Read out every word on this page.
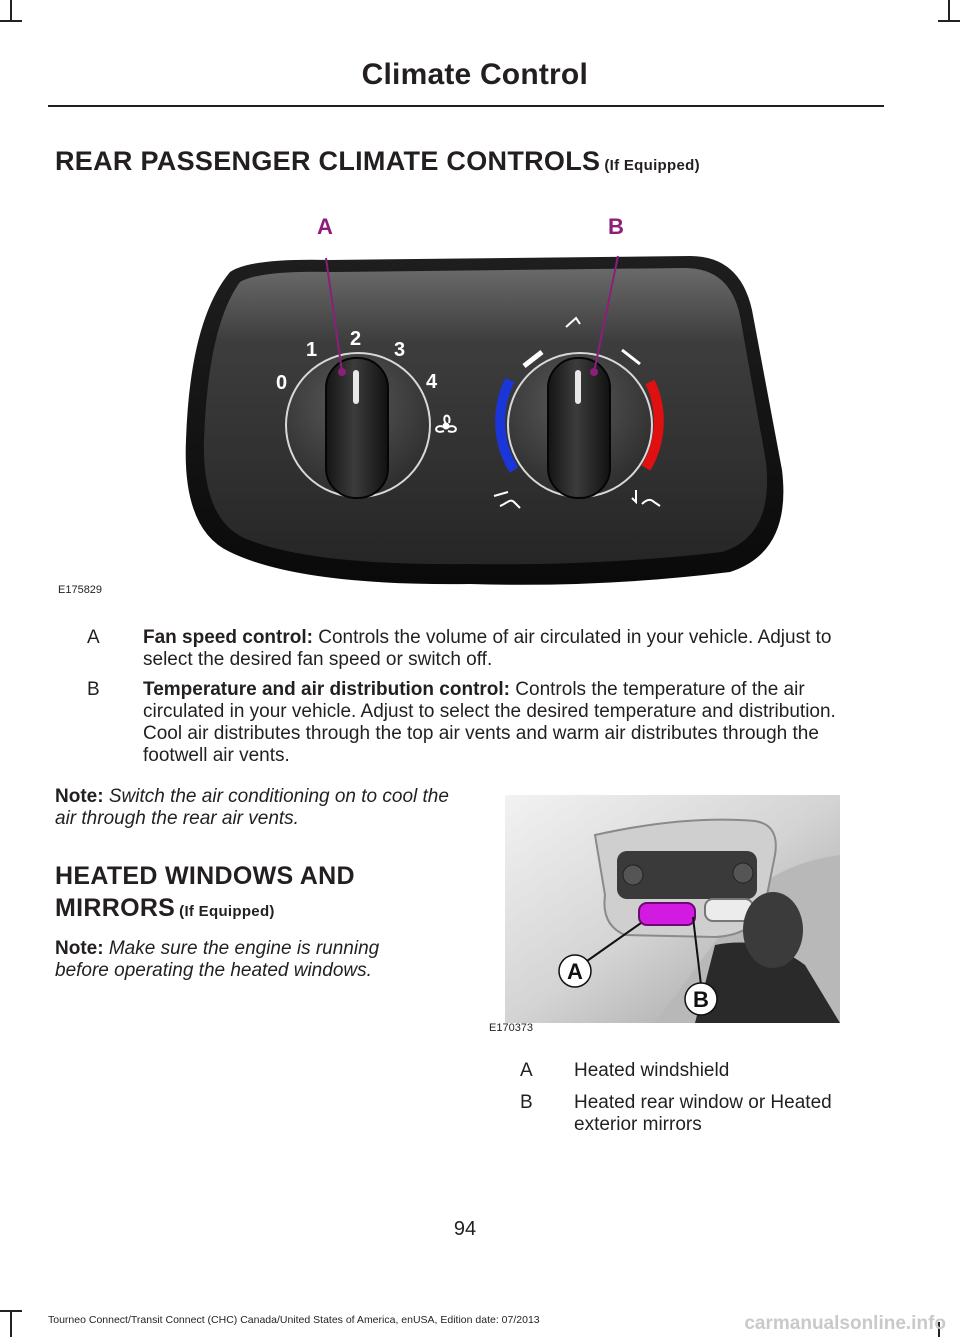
Climate Control
REAR PASSENGER CLIMATE CONTROLS (If Equipped)
0
1 2 3
4
A	B
E175829
A Fan speed control: Controls the volume of air circulated in your vehicle. Adjust to select the desired fan speed or switch off.
B Temperature and air distribution control: Controls the temperature of the air circulated in your vehicle. Adjust to select the desired temperature and distribution. Cool air distributes through the top air vents and warm air distributes through the footwell air vents.
Note: Switch the air conditioning on to cool the air through the rear air vents.
HEATED WINDOWS AND
MIRRORS (If Equipped)
Note: Make sure the engine is running before operating the heated windows.	A
B
E170373
A Heated windshield
B Heated rear window or Heated exterior mirrors
94
Tourneo Connect/Transit Connect (CHC) Canada/United States of America, enUSA, Edition date: 07/2013	carmanualsonline.info
